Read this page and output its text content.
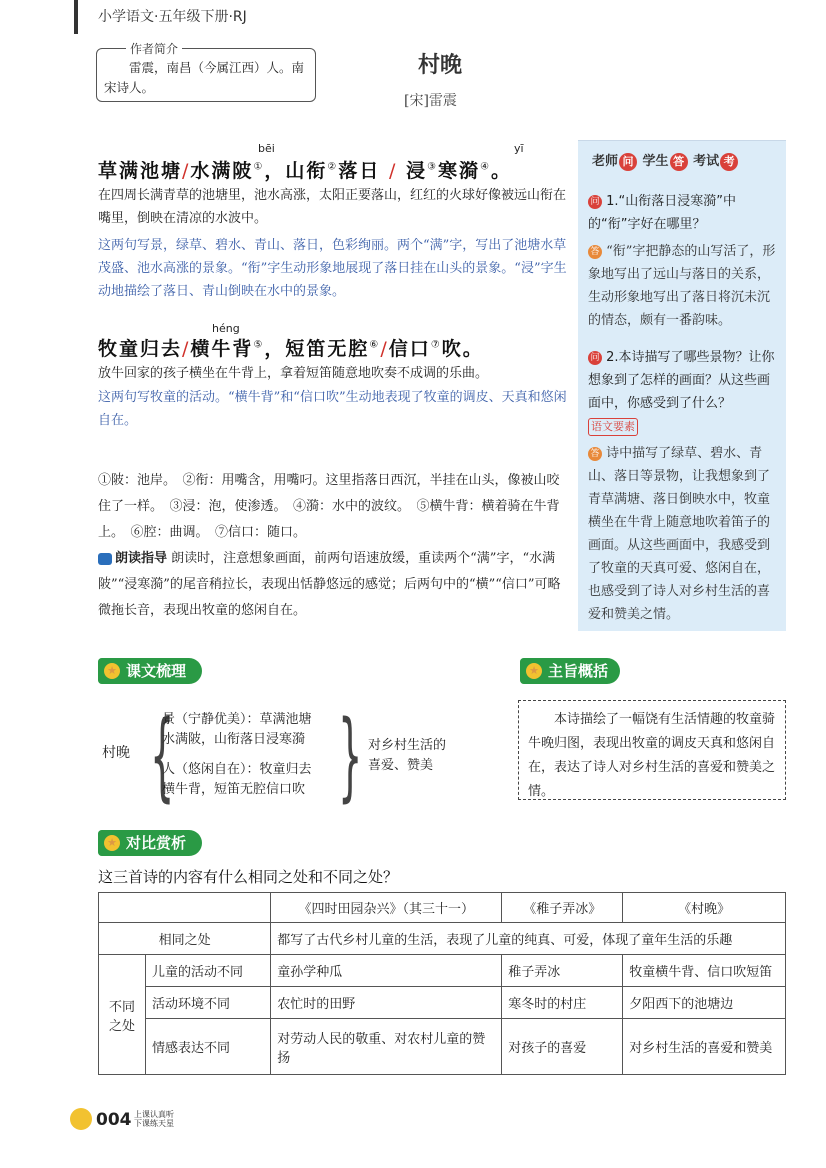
小学语文·五年级下册·RJ
作者简介
雷震，南昌（今属江西）人。南宋诗人。
村晚
[宋]雷震
bēi	yī
草满池塘/水满陂①，山衔②落日 / 浸③寒漪④。
在四周长满青草的池塘里，池水高涨，太阳正要落山，红红的火球好像被远山衔在嘴里，倒映在清凉的水波中。
这两句写景，绿草、碧水、青山、落日，色彩绚丽。两个“满”字，写出了池塘水草茂盛、池水高涨的景象。“衔”字生动形象地展现了落日挂在山头的景象。“浸”字生动地描绘了落日、青山倒映在水中的景象。
héng
牧童归去/横牛背⑤，短笛无腔⑥/信口⑦吹。
放牛回家的孩子横坐在牛背上，拿着短笛随意地吹奏不成调的乐曲。
这两句写牧童的活动。“横牛背”和“信口吹”生动地表现了牧童的调皮、天真和悠闲自在。
①陂：池岸。　②衔：用嘴含，用嘴叼。这里指落日西沉，半挂在山头，像被山咬住了一样。　③浸：泡，使渗透。　④漪：水中的波纹。　⑤横牛背：横着骑在牛背上。　⑥腔：曲调。　⑦信口：随口。
朗读指导 朗读时，注意想象画面，前两句语速放缓，重读两个“满”字，“水满陂”“浸寒漪”的尾音稍拉长，表现出恬静悠远的感觉；后两句中的“横”“信口”可略微拖长音，表现出牧童的悠闲自在。
老师 问 学生 答 考试 考
问 1.“山衔落日浸寒漪”中的“衔”字好在哪里？
答 “衔”字把静态的山写活了，形象地写出了远山与落日的关系，生动形象地写出了落日将沉未沉的情态，颇有一番韵味。
问 2.本诗描写了哪些景物？让你想象到了怎样的画面？从这些画面中，你感受到了什么？语文要素
答 诗中描写了绿草、碧水、青山、落日等景物，让我想象到了青草满塘、落日倒映水中，牧童横坐在牛背上随意地吹着笛子的画面。从这些画面中，我感受到了牧童的天真可爱、悠闲自在，也感受到了诗人对乡村生活的喜爱和赞美之情。
★ 课文梳理
村晚 {
景（宁静优美）：草满池塘
水满陂，山衔落日浸寒漪
人（悠闲自在）：牧童归去
横牛背，短笛无腔信口吹 } 对乡村生活的
喜爱、赞美
★ 主旨概括
本诗描绘了一幅饶有生活情趣的牧童骑牛晚归图，表现出牧童的调皮天真和悠闲自在，表达了诗人对乡村生活的喜爱和赞美之情。
★ 对比赏析
这三首诗的内容有什么相同之处和不同之处？
		《四时田园杂兴》（其三十一）	《稚子弄冰》	《村晚》
相同之处		都写了古代乡村儿童的生活，表现了儿童的纯真、可爱，体现了童年生活的乐趣		
不同
之处	儿童的活动不同	童孙学种瓜	稚子弄冰	牧童横牛背、信口吹短笛
	活动环境不同	农忙时的田野	寒冬时的村庄	夕阳西下的池塘边
	情感表达不同	对劳动人民的敬重、对农村儿童的赞扬	对孩子的喜爱	对乡村生活的喜爱和赞美
004 上课认真听
下课练天星
